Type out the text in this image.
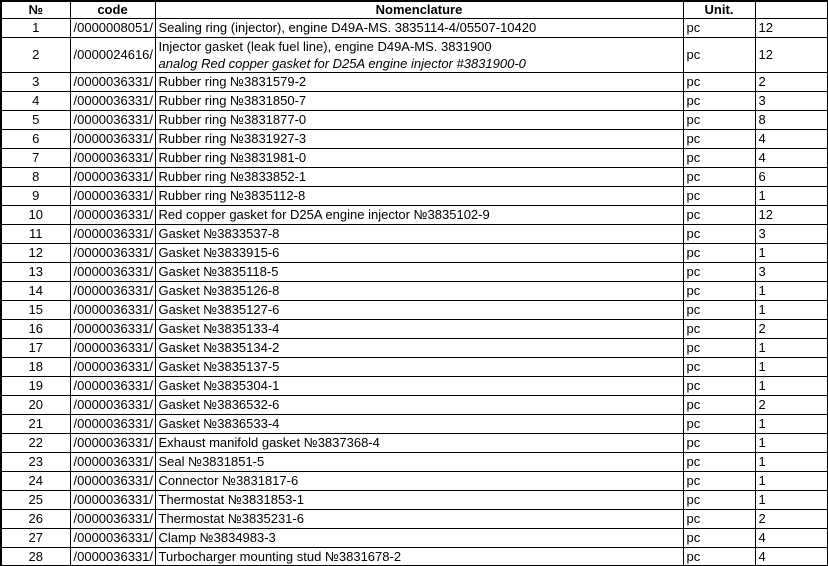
№	code	Nomenclature	Unit.	
1	/0000008051/	Sealing ring (injector), engine D49A-MS. 3835114-4/05507-10420	pc	12
2	/0000024616/	Injector gasket (leak fuel line), engine D49A-MS. 3831900
analog Red copper gasket for D25A engine injector #3831900-0	pc	12
3	/0000036331/	Rubber ring №3831579-2	pc	2
4	/0000036331/	Rubber ring №3831850-7	pc	3
5	/0000036331/	Rubber ring №3831877-0	pc	8
6	/0000036331/	Rubber ring №3831927-3	pc	4
7	/0000036331/	Rubber ring №3831981-0	pc	4
8	/0000036331/	Rubber ring №3833852-1	pc	6
9	/0000036331/	Rubber ring №3835112-8	pc	1
10	/0000036331/	Red copper gasket for D25A engine injector №3835102-9	pc	12
11	/0000036331/	Gasket №3833537-8	pc	3
12	/0000036331/	Gasket №3833915-6	pc	1
13	/0000036331/	Gasket №3835118-5	pc	3
14	/0000036331/	Gasket №3835126-8	pc	1
15	/0000036331/	Gasket №3835127-6	pc	1
16	/0000036331/	Gasket №3835133-4	pc	2
17	/0000036331/	Gasket №3835134-2	pc	1
18	/0000036331/	Gasket №3835137-5	pc	1
19	/0000036331/	Gasket №3835304-1	pc	1
20	/0000036331/	Gasket №3836532-6	pc	2
21	/0000036331/	Gasket №3836533-4	pc	1
22	/0000036331/	Exhaust manifold gasket №3837368-4	pc	1
23	/0000036331/	Seal №3831851-5	pc	1
24	/0000036331/	Connector №3831817-6	pc	1
25	/0000036331/	Thermostat №3831853-1	pc	1
26	/0000036331/	Thermostat №3835231-6	pc	2
27	/0000036331/	Clamp №3834983-3	pc	4
28	/0000036331/	Turbocharger mounting stud №3831678-2	pc	4
